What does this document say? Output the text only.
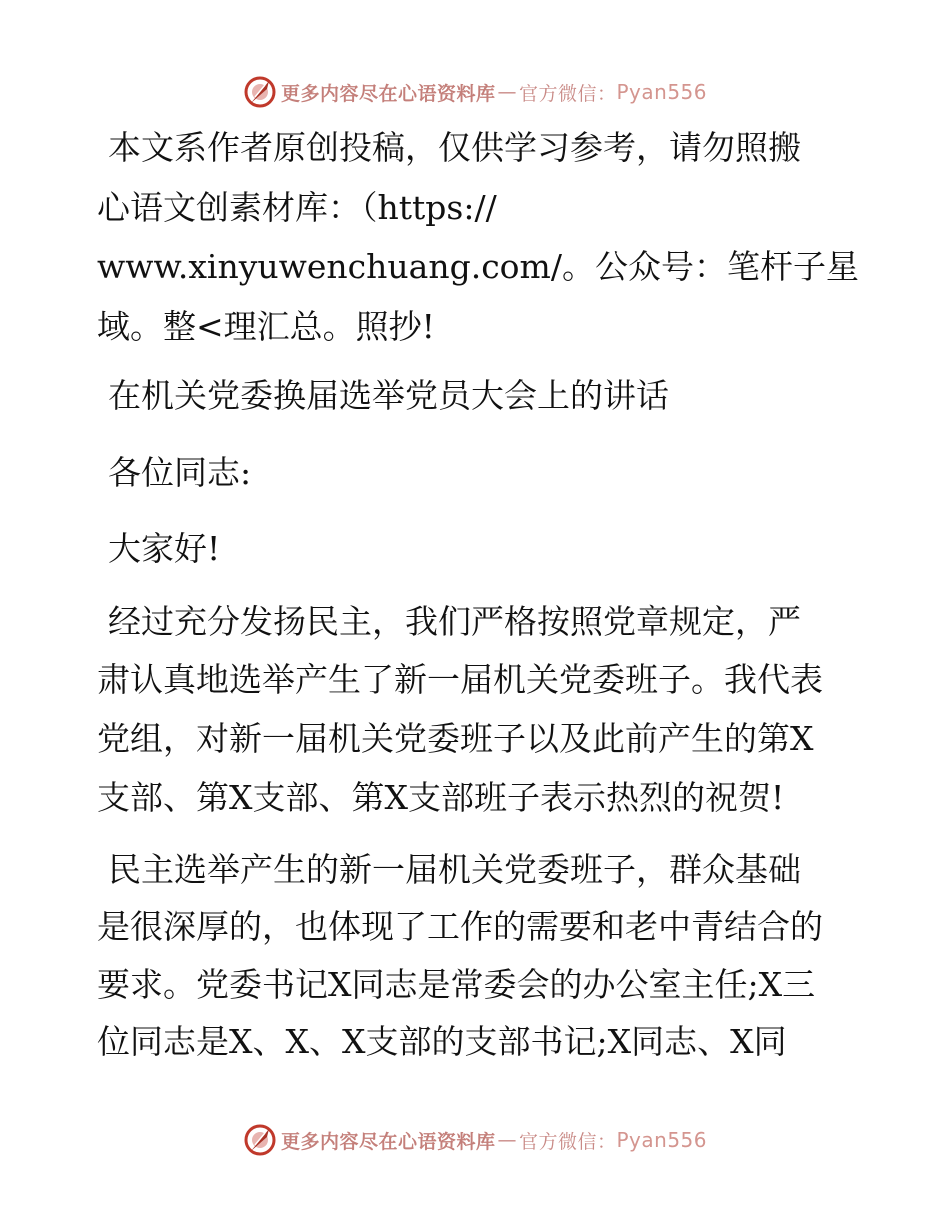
更多内容尽在心语资料库 — 官方微信： Pyan556
本文系作者原创投稿，仅供学习参考，请勿照搬
心语文创素材库：（https://
www.xinyuwenchuang.com/。公众号：笔杆子星
域。整<理汇总。照抄!
在机关党委换届选举党员大会上的讲话
各位同志:
大家好!
经过充分发扬民主，我们严格按照党章规定，严
肃认真地选举产生了新一届机关党委班子。我代表
党组，对新一届机关党委班子以及此前产生的第X
支部、第X支部、第X支部班子表示热烈的祝贺!
民主选举产生的新一届机关党委班子，群众基础
是很深厚的，也体现了工作的需要和老中青结合的
要求。党委书记X同志是常委会的办公室主任;X三
位同志是X、X、X支部的支部书记;X同志、X同
更多内容尽在心语资料库 — 官方微信： Pyan556
